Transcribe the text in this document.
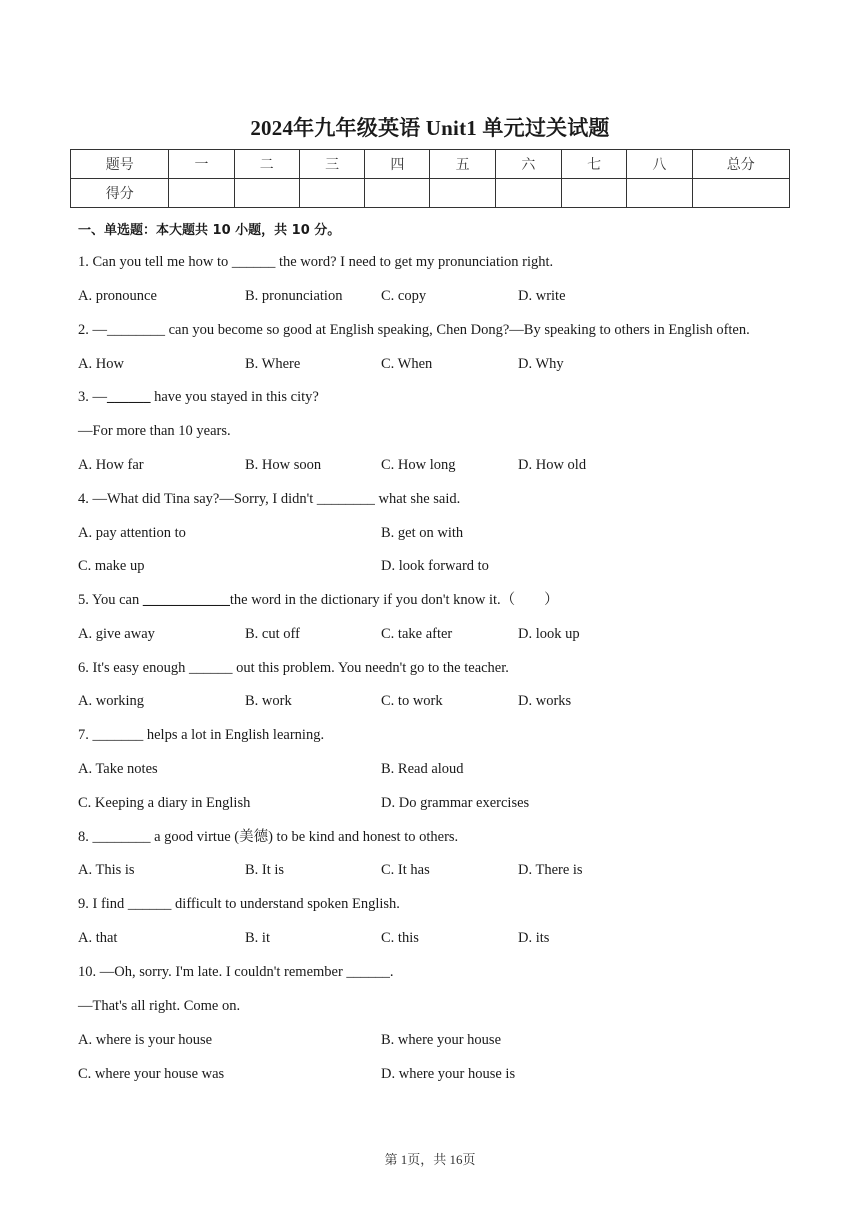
2024年九年级英语 Unit1 单元过关试题
题号	一	二	三	四	五	六	七	八	总分
得分									
一、单选题：本大题共 10 小题，共 10 分。
1. Can you tell me how to ______ the word? I need to get my pronunciation right.
A. pronounce	B. pronunciation	C. copy	D. write
2. —________ can you become so good at English speaking, Chen Dong?—By speaking to others in English often.
A. How	B. Where	C. When	D. Why
3. —______ have you stayed in this city?
—For more than 10 years.
A. How far	B. How soon	C. How long	D. How old
4. —What did Tina say?—Sorry, I didn't ________ what she said.
A. pay attention to	B. get on with
C. make up	D. look forward to
5. You can ____________the word in the dictionary if you don't know it.（　　）
A. give away	B. cut off	C. take after	D. look up
6. It's easy enough ______ out this problem. You needn't go to the teacher.
A. working	B. work	C. to work	D. works
7. _______ helps a lot in English learning.
A. Take notes	B. Read aloud
C. Keeping a diary in English	D. Do grammar exercises
8. ________ a good virtue (美德) to be kind and honest to others.
A. This is	B. It is	C. It has	D. There is
9. I find ______ difficult to understand spoken English.
A. that	B. it	C. this	D. its
10. —Oh, sorry. I'm late. I couldn't remember ______.
—That's all right. Come on.
A. where is your house	B. where your house
C. where your house was	D. where your house is
第 1页，共 16页
